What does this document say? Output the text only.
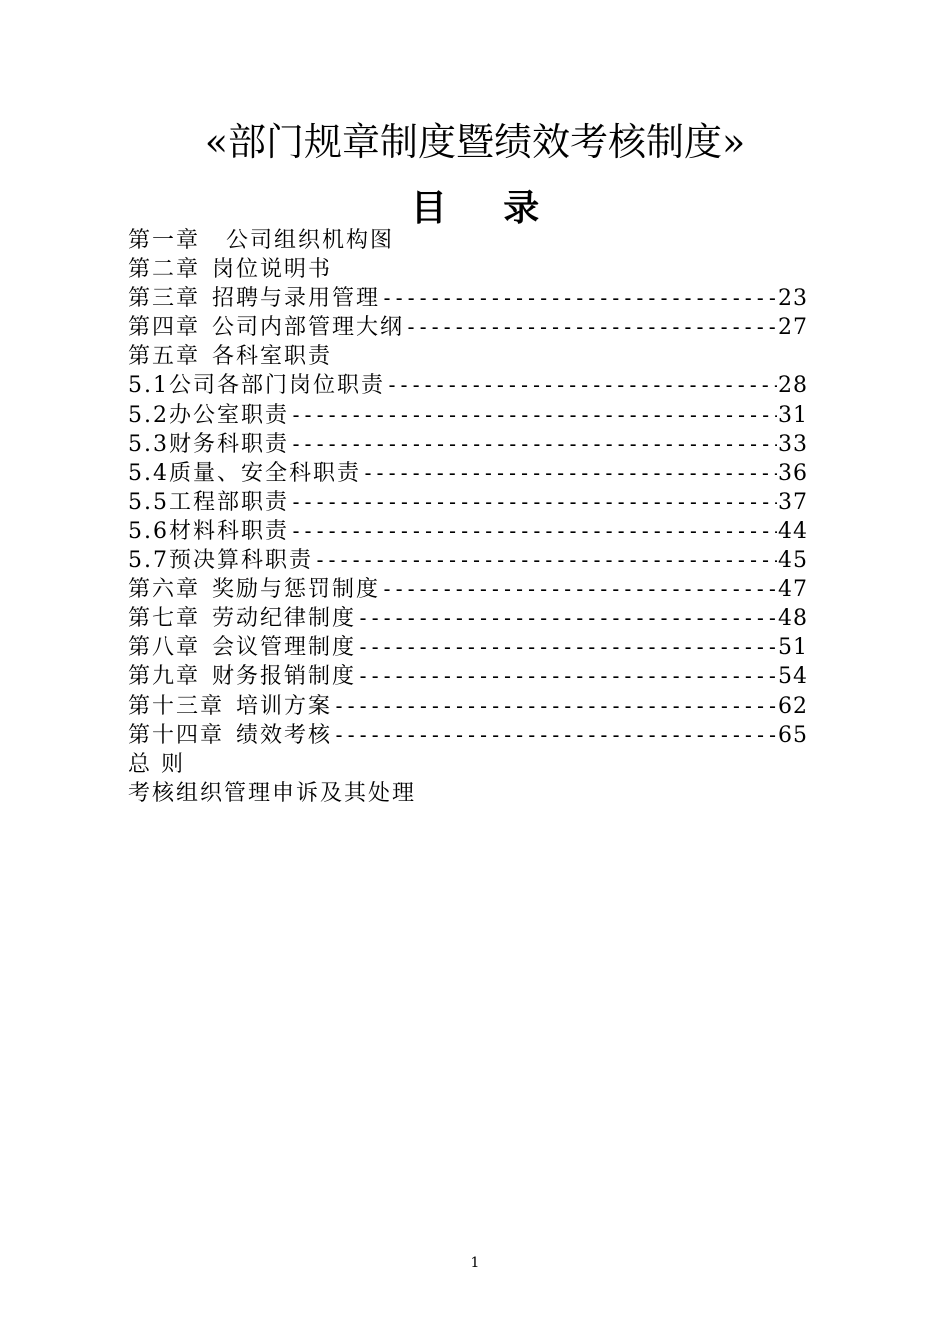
«部门规章制度暨绩效考核制度»
目 录
第一章 公司组织机构图
第二章 岗位说明书
第三章 招聘与录用管理 -----	23
第四章 公司内部管理大纲 -----	27
第五章 各科室职责
5.1公司各部门岗位职责 -----	28
5.2办公室职责 -----	31
5.3财务科职责 -----	33
5.4质量、安全科职责 -----	36
5.5工程部职责 -----	37
5.6材料科职责 -----	44
5.7预决算科职责 -----	45
第六章 奖励与惩罚制度 -----	47
第七章 劳动纪律制度 -----	48
第八章 会议管理制度 -----	51
第九章 财务报销制度 -----	54
第十三章 培训方案 -----	62
第十四章 绩效考核 -----	65
总 则
考核组织管理申诉及其处理
1
